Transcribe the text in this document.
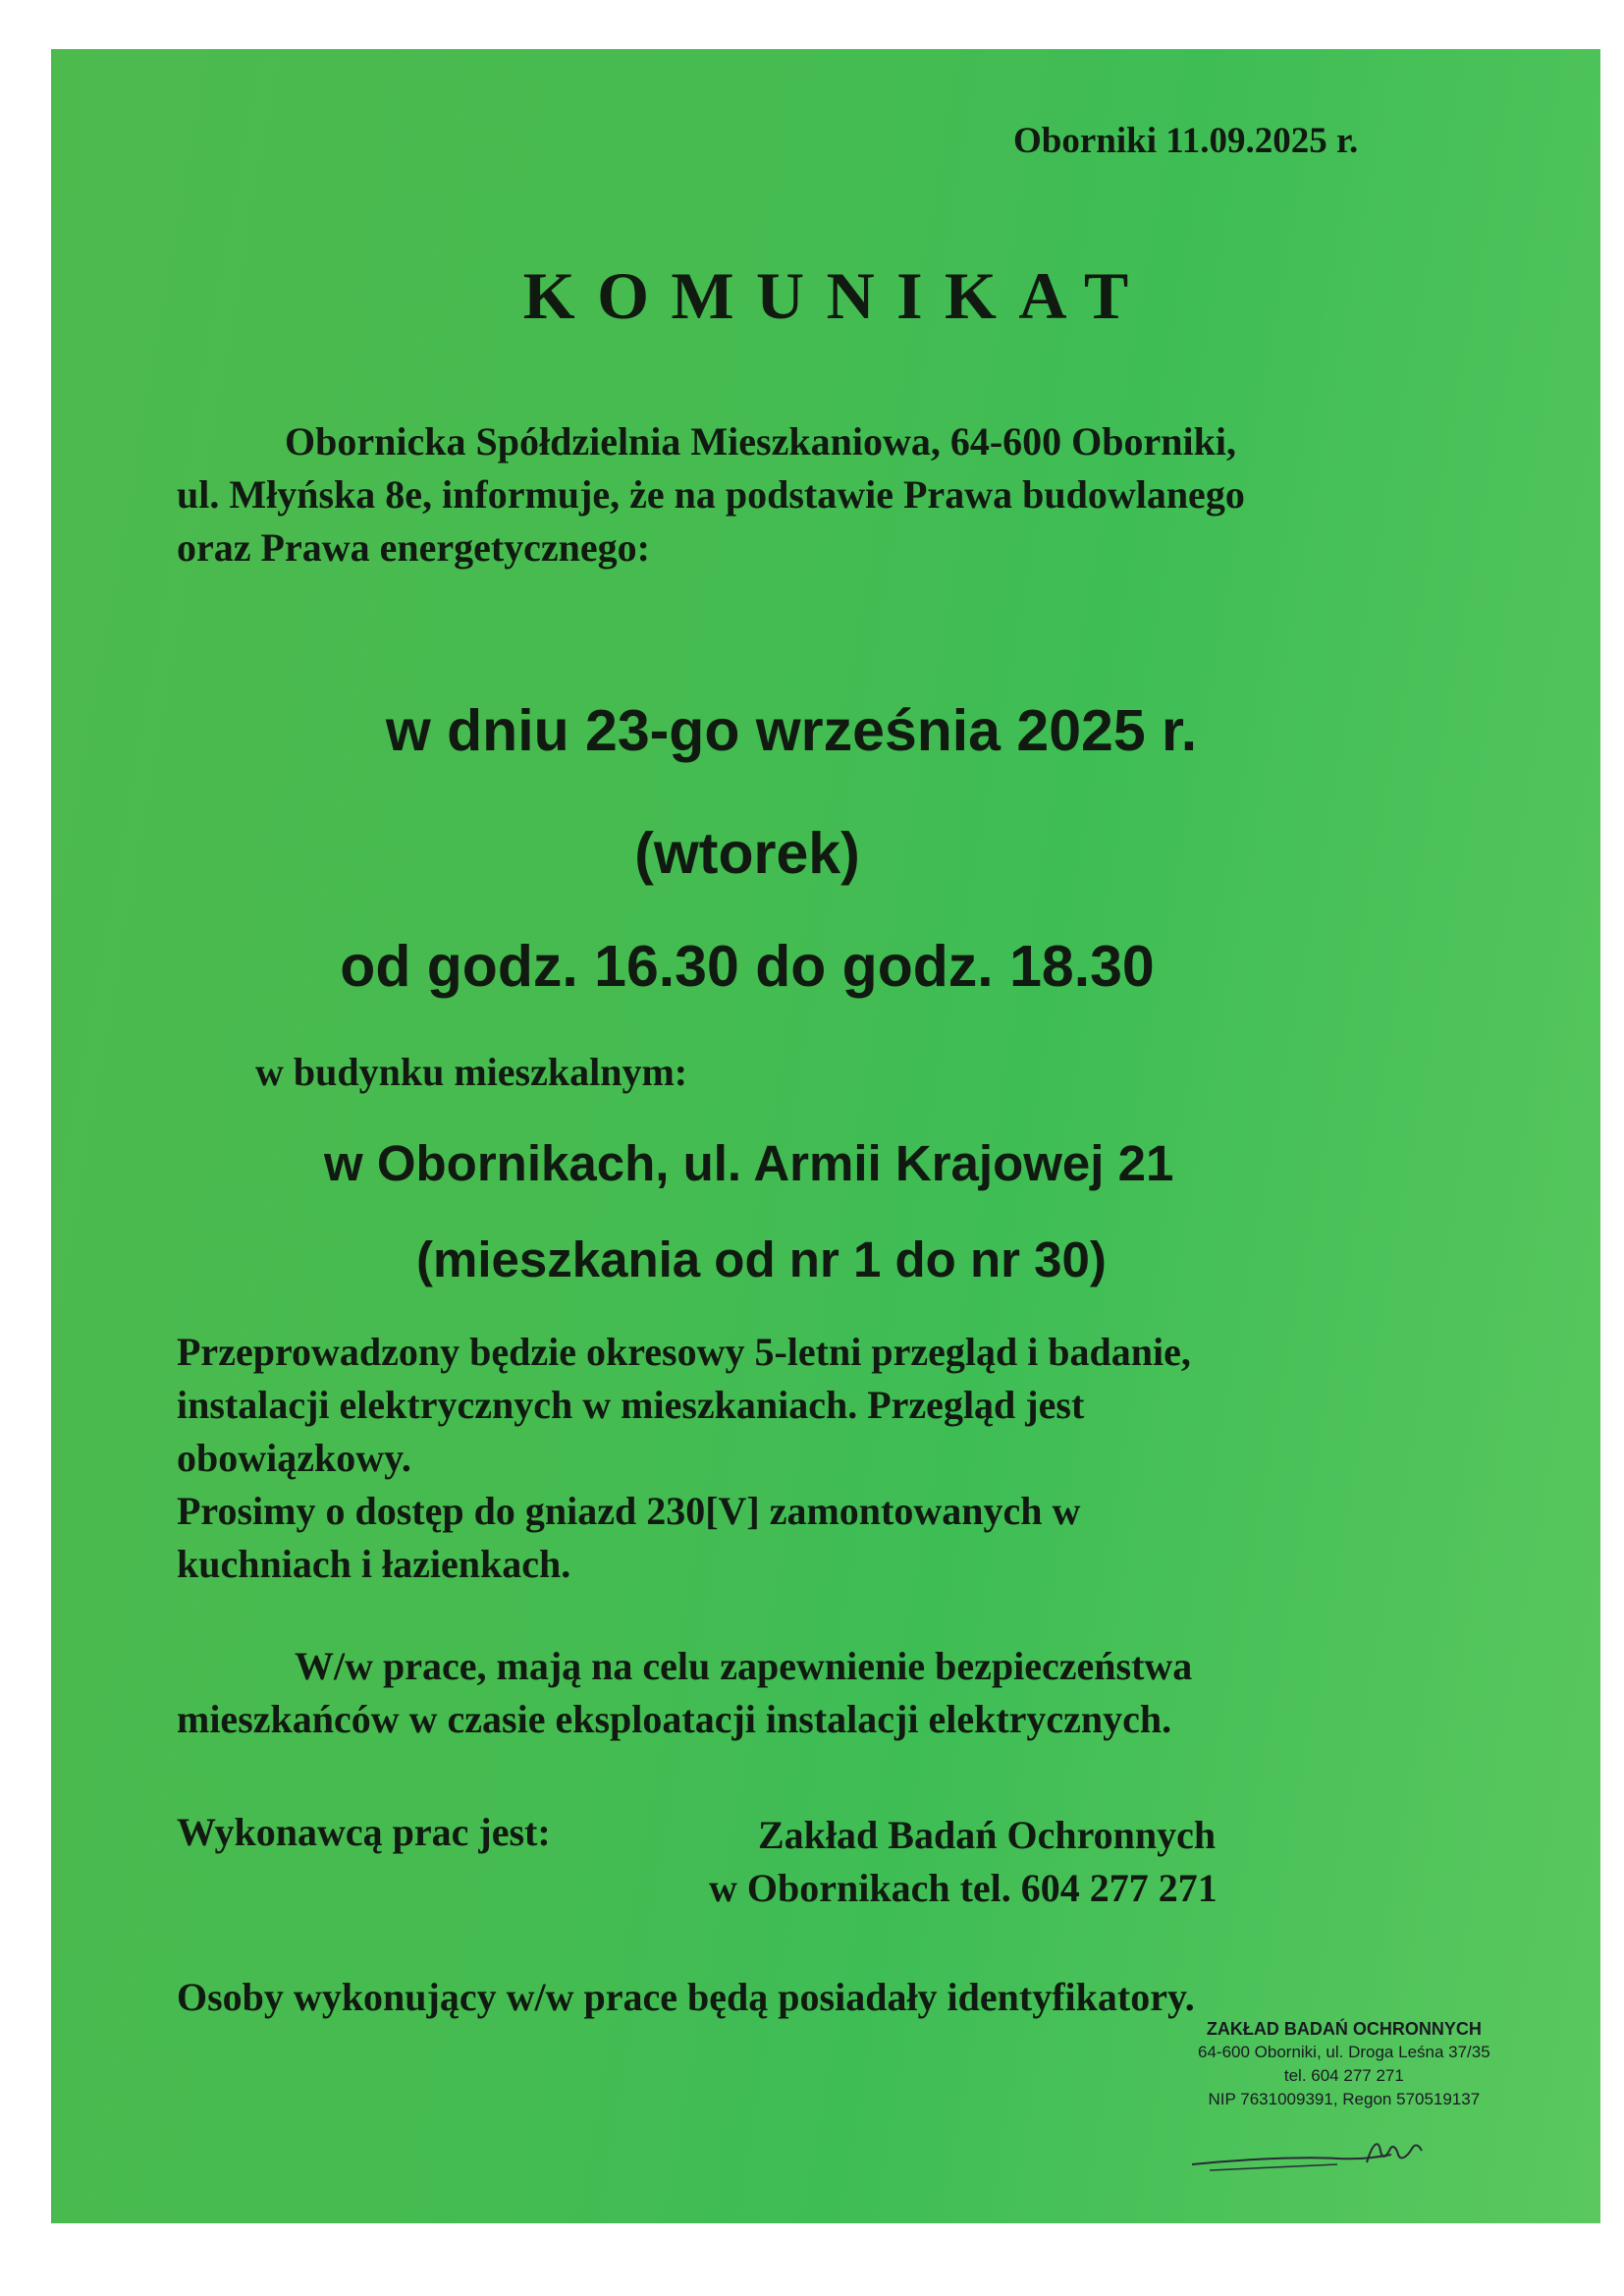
Oborniki 11.09.2025 r.
KOMUNIKAT
Obornicka Spółdzielnia Mieszkaniowa, 64-600 Oborniki,
ul. Młyńska 8e, informuje, że na podstawie Prawa budowlanego
oraz Prawa energetycznego:
w dniu 23-go września 2025 r.
(wtorek)
od godz. 16.30 do godz. 18.30
w budynku mieszkalnym:
w Obornikach, ul. Armii Krajowej 21
(mieszkania od nr 1 do nr 30)
Przeprowadzony będzie okresowy 5-letni przegląd i badanie,
instalacji elektrycznych w mieszkaniach. Przegląd jest
obowiązkowy.
Prosimy o dostęp do gniazd 230[V] zamontowanych w
kuchniach i łazienkach.
W/w prace, mają na celu zapewnienie bezpieczeństwa
mieszkańców w czasie eksploatacji instalacji elektrycznych.
Wykonawcą prac jest:	Zakład Badań Ochronnych
w Obornikach tel. 604 277 271
Osoby wykonujący w/w prace będą posiadały identyfikatory.
ZAKŁAD BADAŃ OCHRONNYCH
64-600 Oborniki, ul. Droga Leśna 37/35
tel. 604 277 271
NIP 7631009391, Regon 570519137
